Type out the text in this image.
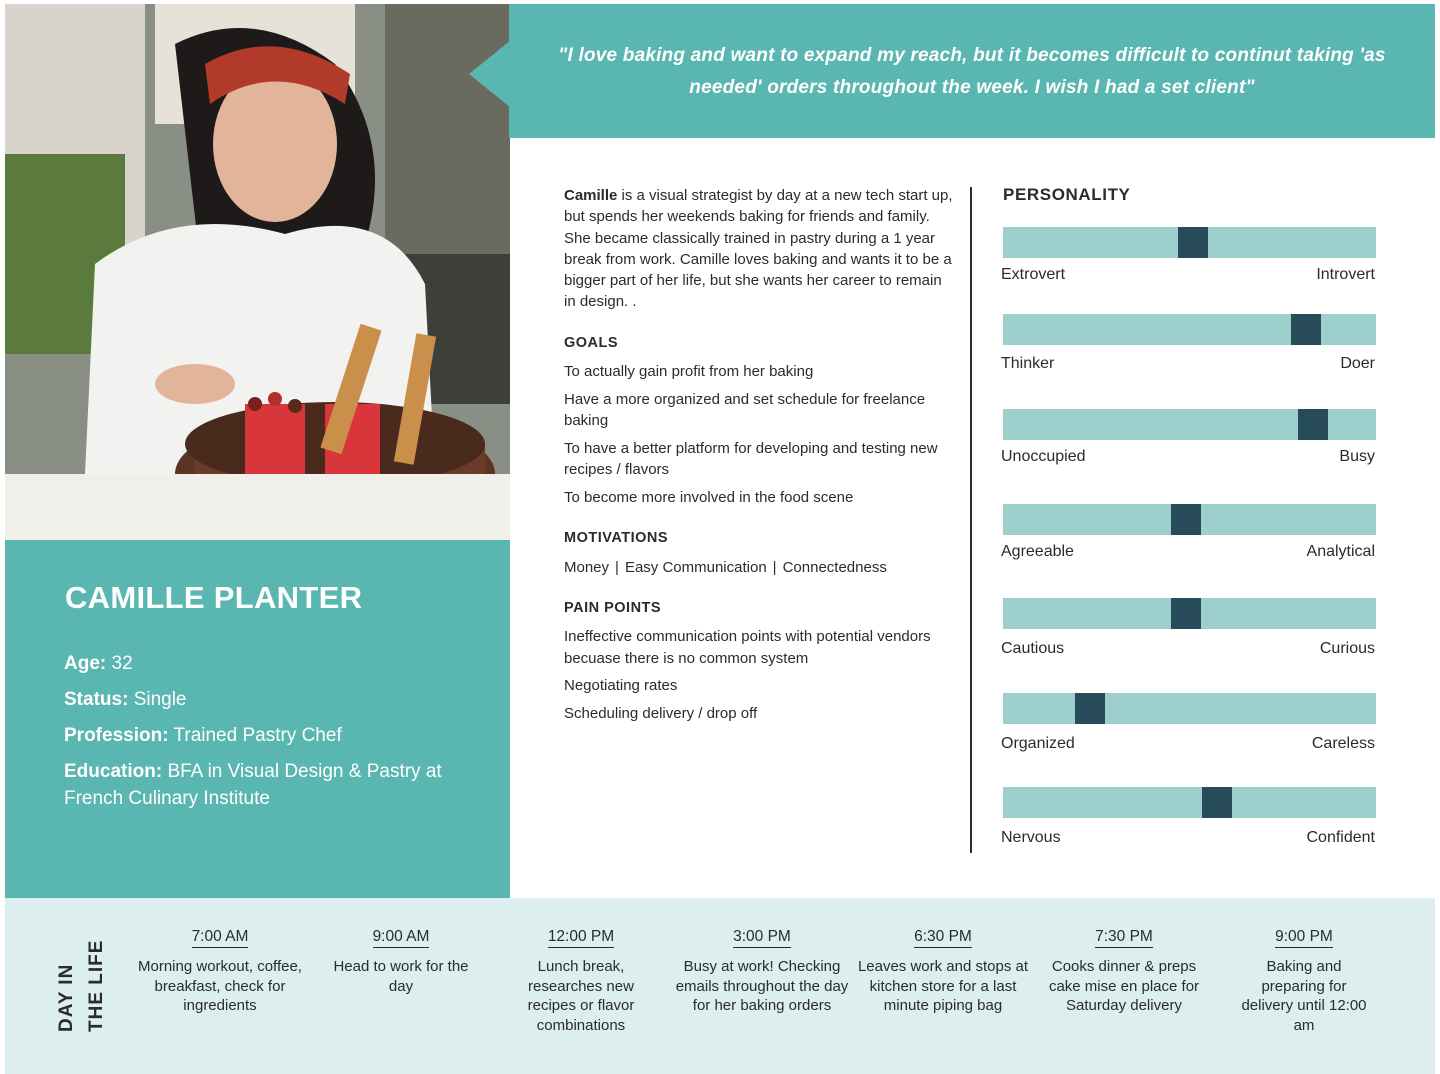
"I love baking and want to expand my reach, but it becomes difficult to continut taking 'as needed' orders throughout the week. I wish I had a set client"
CAMILLE PLANTER
Age: 32
Status: Single
Profession: Trained Pastry Chef
Education: BFA in Visual Design & Pastry at French Culinary Institute
Camille is a visual strategist by day at a new tech start up, but spends her weekends baking for friends and family. She became classically trained in pastry during a 1 year break from work. Camille loves baking and wants it to be a bigger part of her life, but she wants her career to remain in design. .
GOALS
To actually gain profit from her baking
Have a more organized and set schedule for freelance baking
To have a better platform for developing and testing new recipes / flavors
To become more involved in the food scene
MOTIVATIONS
Money | Easy Communication | Connectedness
PAIN POINTS
Ineffective communication points with potential vendors becuase there is no common system
Negotiating rates
Scheduling delivery / drop off
PERSONALITY
Extrovert	Introvert
Thinker	Doer
Unoccupied	Busy
Agreeable	Analytical
Cautious	Curious
Organized	Careless
Nervous	Confident
DAY IN THE LIFE
7:00 AM
Morning workout, coffee, breakfast, check for ingredients
9:00 AM
Head to work for the day
12:00 PM
Lunch break, researches new recipes or flavor combinations
3:00 PM
Busy at work! Checking emails throughout the day for her baking orders
6:30 PM
Leaves work and stops at kitchen store for a last minute piping bag
7:30 PM
Cooks dinner & preps cake mise en place for Saturday delivery
9:00 PM
Baking and preparing for delivery until 12:00 am
